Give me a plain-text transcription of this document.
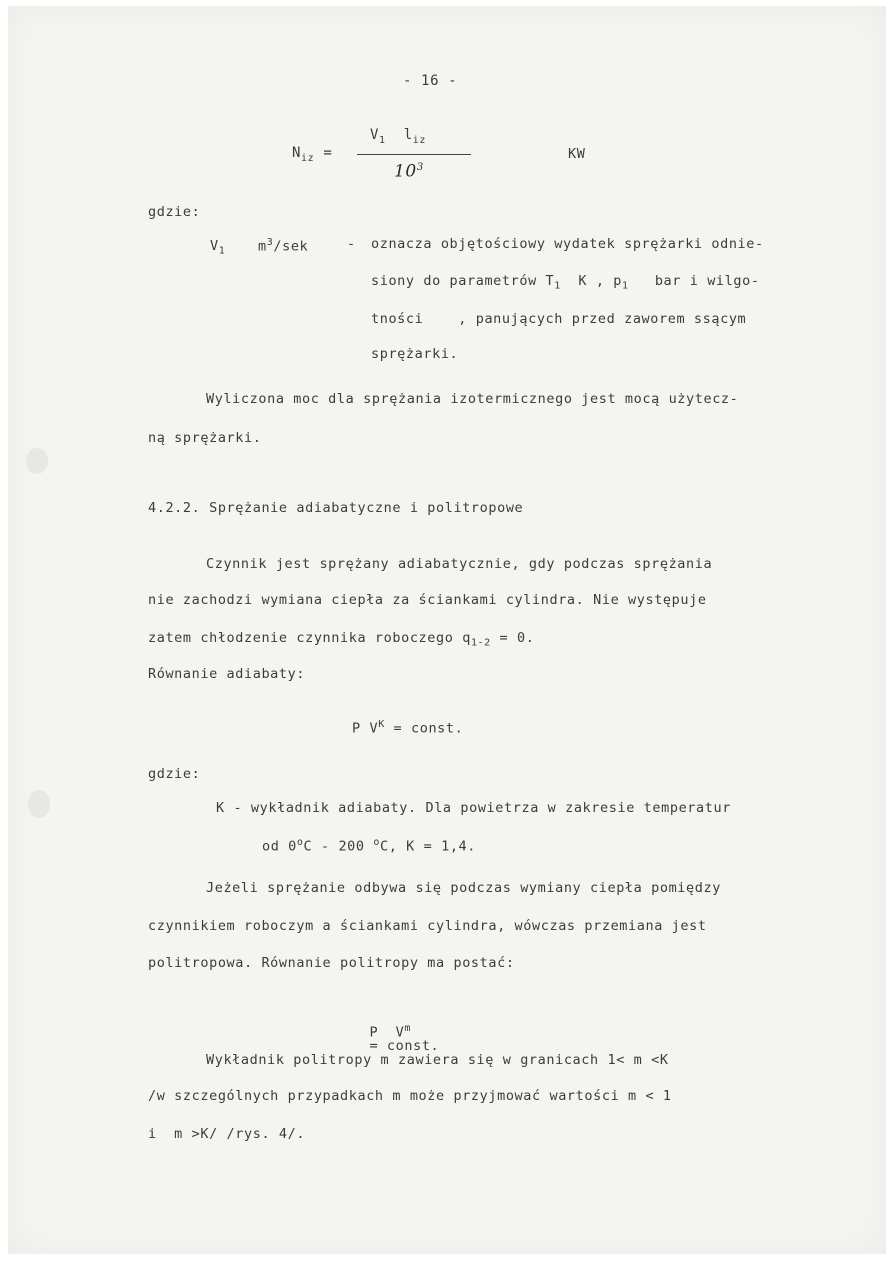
- 16 -
$N_{iz}$ =
$V_1$ $l_{iz}$
$10^3$
KW
gdzie:
$V_1$ $m^3$/sek	- oznacza objętościowy wydatek sprężarki odnie-
siony do parametrów $T_1$ K , $p_1$ bar i wilgo-
tności    , panujących przed zaworem ssącym
sprężarki.
Wyliczona moc dla sprężania izotermicznego jest mocą użytecz-
ną sprężarki.
4.2.2. Sprężanie adiabatyczne i politropowe
Czynnik jest sprężany adiabatycznie, gdy podczas sprężania
nie zachodzi wymiana ciepła za ściankami cylindra. Nie występuje
zatem chłodzenie czynnika roboczego $q_{1-2} = 0$.
Równanie adiabaty:
P $V^K$ = const.
gdzie:
K - wykładnik adiabaty. Dla powietrza w zakresie temperatur
od 0$^o$C - 200 $^o$C, K = 1,4.
Jeżeli sprężanie odbywa się podczas wymiany ciepła pomiędzy
czynnikiem roboczym a ściankami cylindra, wówczas przemiana jest
politropowa. Równanie politropy ma postać:

P  $V^m$
= const.

Wykładnik politropy m zawiera się w granicach 1< m <K
/w szczególnych przypadkach m może przyjmować wartości m < 1
i  m >K/ /rys. 4/.
